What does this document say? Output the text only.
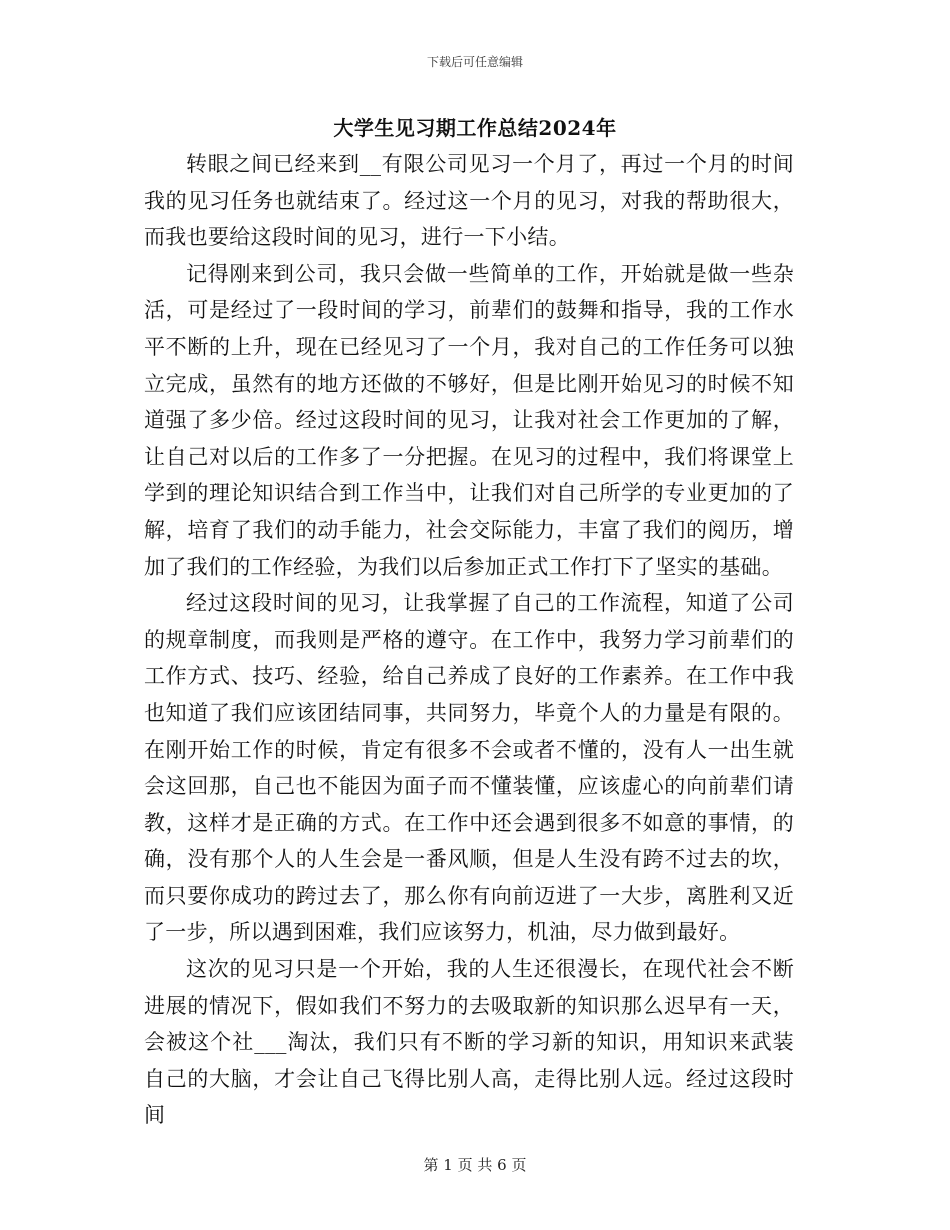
下载后可任意编辑
大学生见习期工作总结2024年

转眼之间已经来到__有限公司见习一个月了，再过一个月的时间我的见习任务也就结束了。经过这一个月的见习，对我的帮助很大，而我也要给这段时间的见习，进行一下小结。

记得刚来到公司，我只会做一些简单的工作，开始就是做一些杂活，可是经过了一段时间的学习，前辈们的鼓舞和指导，我的工作水平不断的上升，现在已经见习了一个月，我对自己的工作任务可以独立完成，虽然有的地方还做的不够好，但是比刚开始见习的时候不知道强了多少倍。经过这段时间的见习，让我对社会工作更加的了解，让自己对以后的工作多了一分把握。在见习的过程中，我们将课堂上学到的理论知识结合到工作当中，让我们对自己所学的专业更加的了解，培育了我们的动手能力，社会交际能力，丰富了我们的阅历，增加了我们的工作经验，为我们以后参加正式工作打下了坚实的基础。

经过这段时间的见习，让我掌握了自己的工作流程，知道了公司的规章制度，而我则是严格的遵守。在工作中，我努力学习前辈们的工作方式、技巧、经验，给自己养成了良好的工作素养。在工作中我也知道了我们应该团结同事，共同努力，毕竟个人的力量是有限的。在刚开始工作的时候，肯定有很多不会或者不懂的，没有人一出生就会这回那，自己也不能因为面子而不懂装懂，应该虚心的向前辈们请教，这样才是正确的方式。在工作中还会遇到很多不如意的事情，的确，没有那个人的人生会是一番风顺，但是人生没有跨不过去的坎，而只要你成功的跨过去了，那么你有向前迈进了一大步，离胜利又近了一步，所以遇到困难，我们应该努力，机油，尽力做到最好。

这次的见习只是一个开始，我的人生还很漫长，在现代社会不断进展的情况下，假如我们不努力的去吸取新的知识那么迟早有一天，会被这个社___淘汰，我们只有不断的学习新的知识，用知识来武装自己的大脑，才会让自己飞得比别人高，走得比别人远。经过这段时间

第 1 页 共 6 页
